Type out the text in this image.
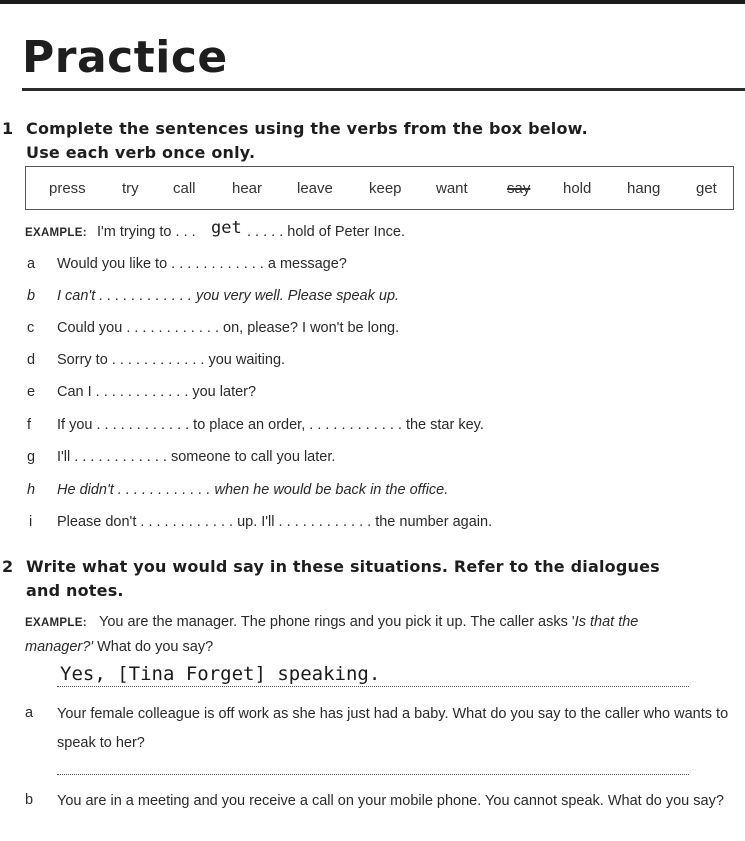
Practice
1 Complete the sentences using the verbs from the box below.
Use each verb once only.
press try call hear leave keep want	say hold hang get
EXAMPLE: I'm trying to . . . get . . . . . hold of Peter Ince.
a Would you like to . . . . . . . . . . . . a message?
b I can't . . . . . . . . . . . . you very well. Please speak up.
c Could you . . . . . . . . . . . . on, please? I won't be long.
d Sorry to . . . . . . . . . . . . you waiting.
e Can I . . . . . . . . . . . . you later?
f If you . . . . . . . . . . . . to place an order, . . . . . . . . . . . . the star key.
g I'll . . . . . . . . . . . . someone to call you later.
h He didn't . . . . . . . . . . . . when he would be back in the office.
i Please don't . . . . . . . . . . . . up. I'll . . . . . . . . . . . . the number again.
2 Write what you would say in these situations. Refer to the dialogues
and notes.
EXAMPLE: You are the manager. The phone rings and you pick it up. The caller asks 'Is that the
manager?' What do you say?
Yes, [Tina Forget] speaking.
a Your female colleague is off work as she has just had a baby. What do you say to the caller who wants to speak to her?
b You are in a meeting and you receive a call on your mobile phone. You cannot speak. What do you say?
